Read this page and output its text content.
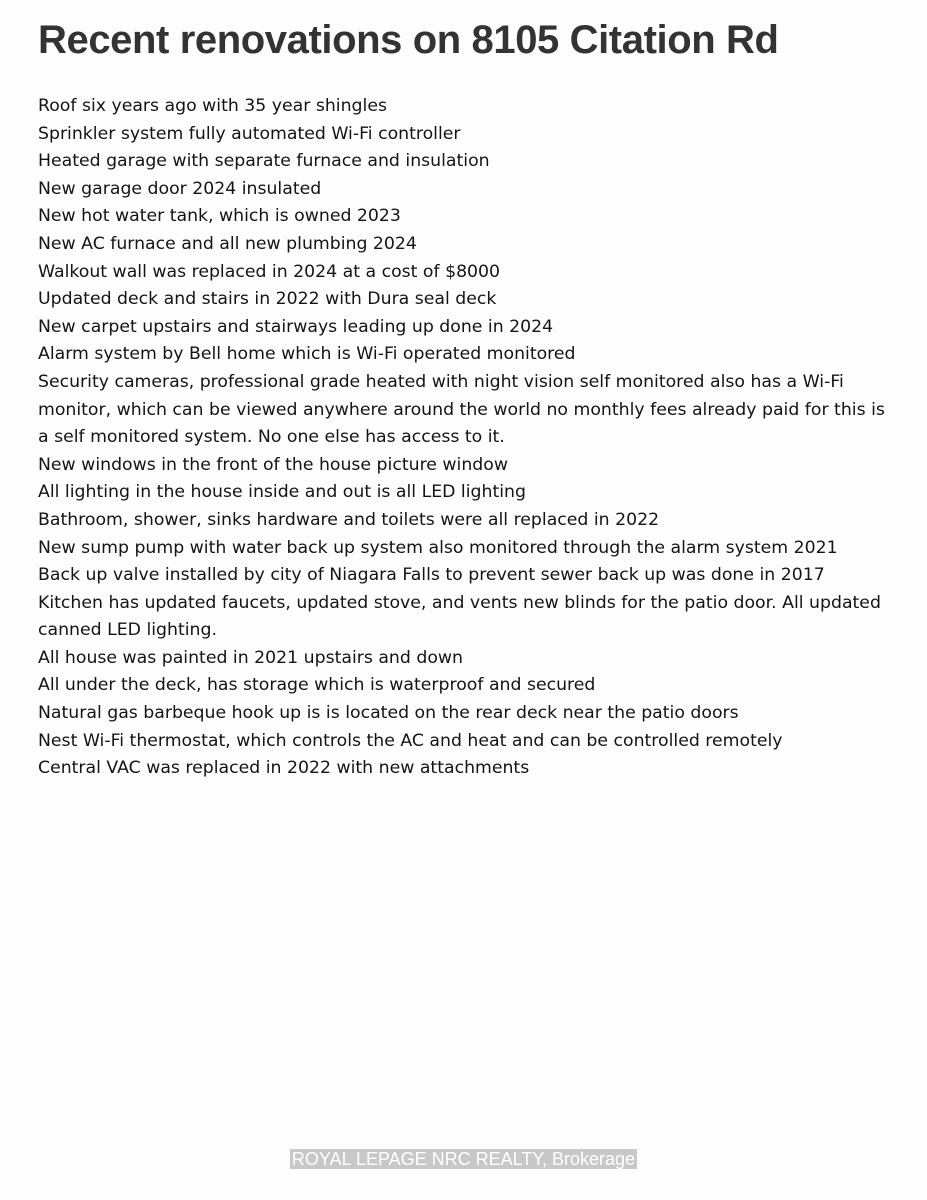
Recent renovations on 8105 Citation Rd
Roof six years ago with 35 year shingles
Sprinkler system fully automated Wi-Fi controller
Heated garage with separate furnace and insulation
New garage door 2024 insulated
New hot water tank, which is owned 2023
New AC furnace and all new plumbing 2024
Walkout wall was replaced in 2024 at a cost of $8000
Updated deck and stairs in 2022 with Dura seal deck
New carpet upstairs and stairways leading up done in 2024
Alarm system by Bell home which is Wi-Fi operated monitored
Security cameras, professional grade heated with night vision self monitored also has a Wi-Fi monitor, which can be viewed anywhere around the world no monthly fees already paid for this is a self monitored system. No one else has access to it.
New windows in the front of the house picture window
All lighting in the house inside and out is all LED lighting
Bathroom, shower, sinks hardware and toilets were all replaced in 2022
New sump pump with water back up system also monitored through the alarm system 2021
Back up valve installed by city of Niagara Falls to prevent sewer back up was done in 2017
Kitchen has updated faucets, updated stove, and vents new blinds for the patio door. All updated canned LED lighting.
All house was painted in 2021 upstairs and down
All under the deck, has storage which is waterproof and secured
Natural gas barbeque hook up is is located on the rear deck near the patio doors
Nest Wi-Fi thermostat, which controls the AC and heat and can be controlled remotely
Central VAC was replaced in 2022 with new attachments
ROYAL LEPAGE NRC REALTY, Brokerage
